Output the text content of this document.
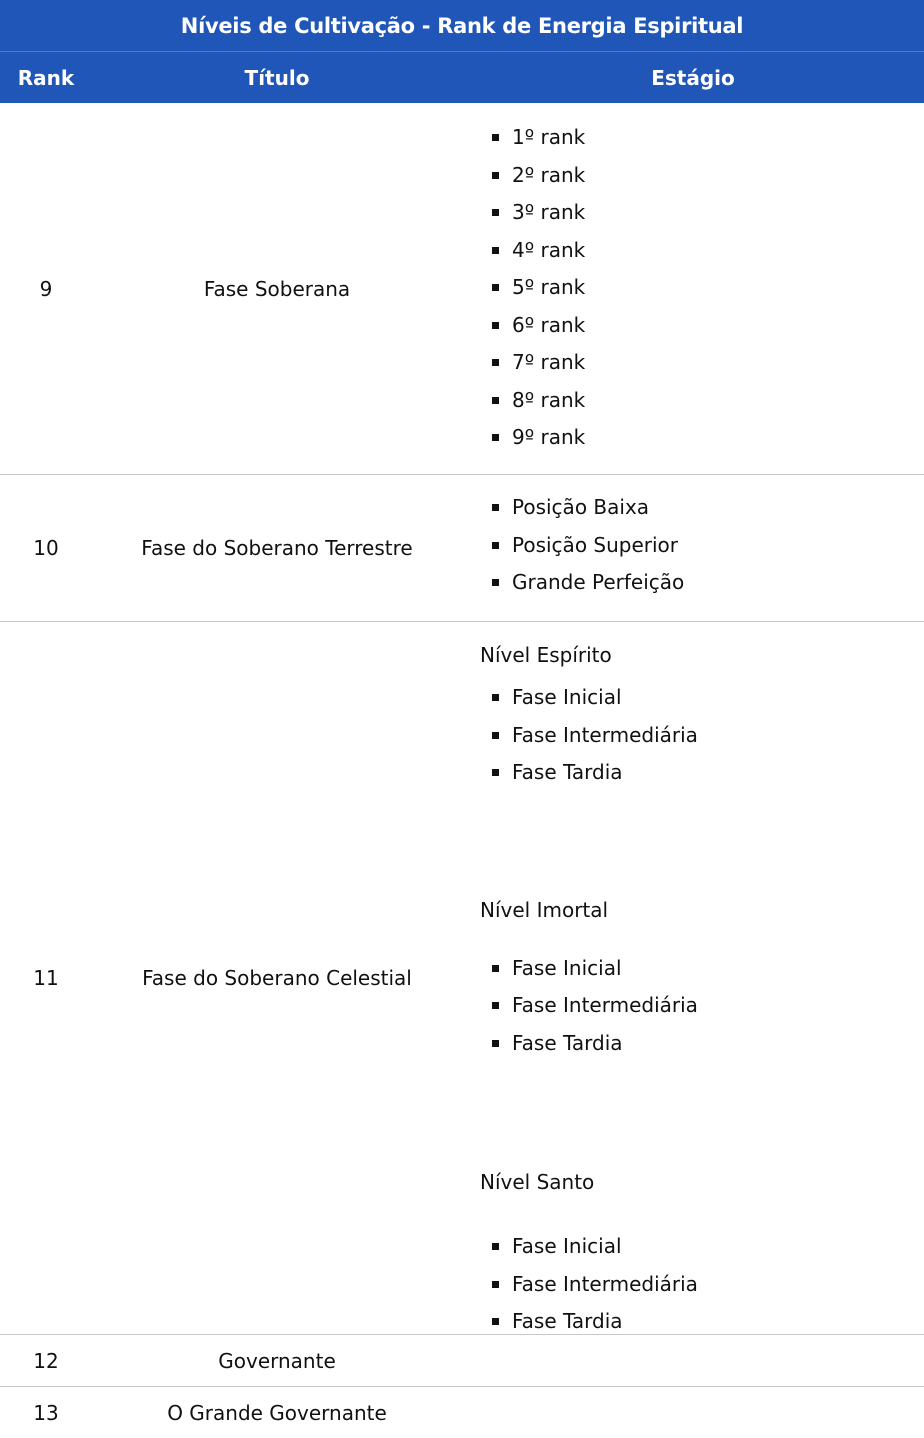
Níveis de Cultivação - Rank de Energia Espiritual
Rank	Título	Estágio
9	Fase Soberana
1º rank
2º rank
3º rank
4º rank
5º rank
6º rank
7º rank
8º rank
9º rank
10	Fase do Soberano Terrestre
Posição Baixa
Posição Superior
Grande Perfeição
11	Fase do Soberano Celestial
Nível Espírito
Fase Inicial
Fase Intermediária
Fase Tardia
Nível Imortal
Fase Inicial
Fase Intermediária
Fase Tardia
Nível Santo
Fase Inicial
Fase Intermediária
Fase Tardia
12	Governante
13	O Grande Governante
